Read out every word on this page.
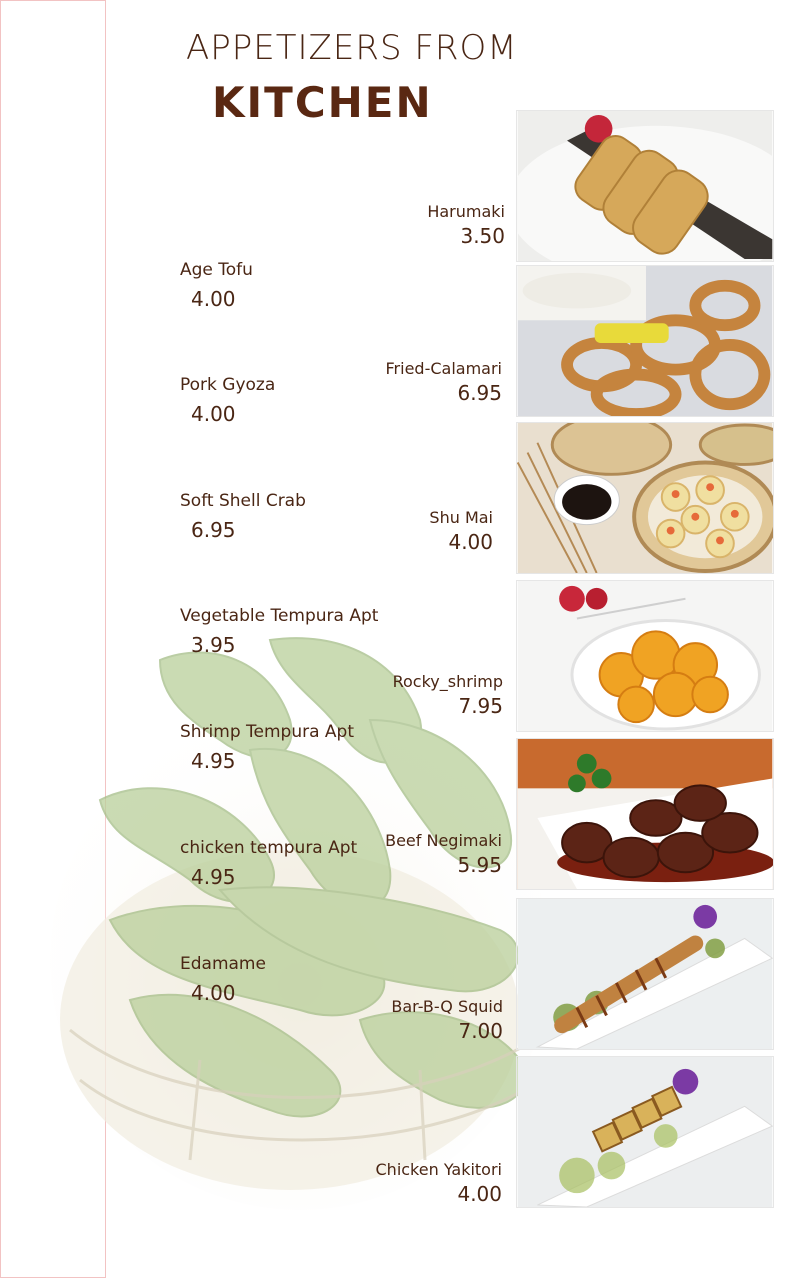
APPETIZERS FROM
KITCHEN
Age Tofu
4.00
Pork Gyoza
4.00
Soft Shell Crab
6.95
Vegetable Tempura Apt
3.95
Shrimp Tempura Apt
4.95
chicken tempura Apt
4.95
Edamame
4.00
Harumaki
3.50
Fried-Calamari
6.95
Shu Mai
4.00
Rocky_shrimp
7.95
Beef Negimaki
5.95
Bar-B-Q Squid
7.00
Chicken Yakitori
4.00
